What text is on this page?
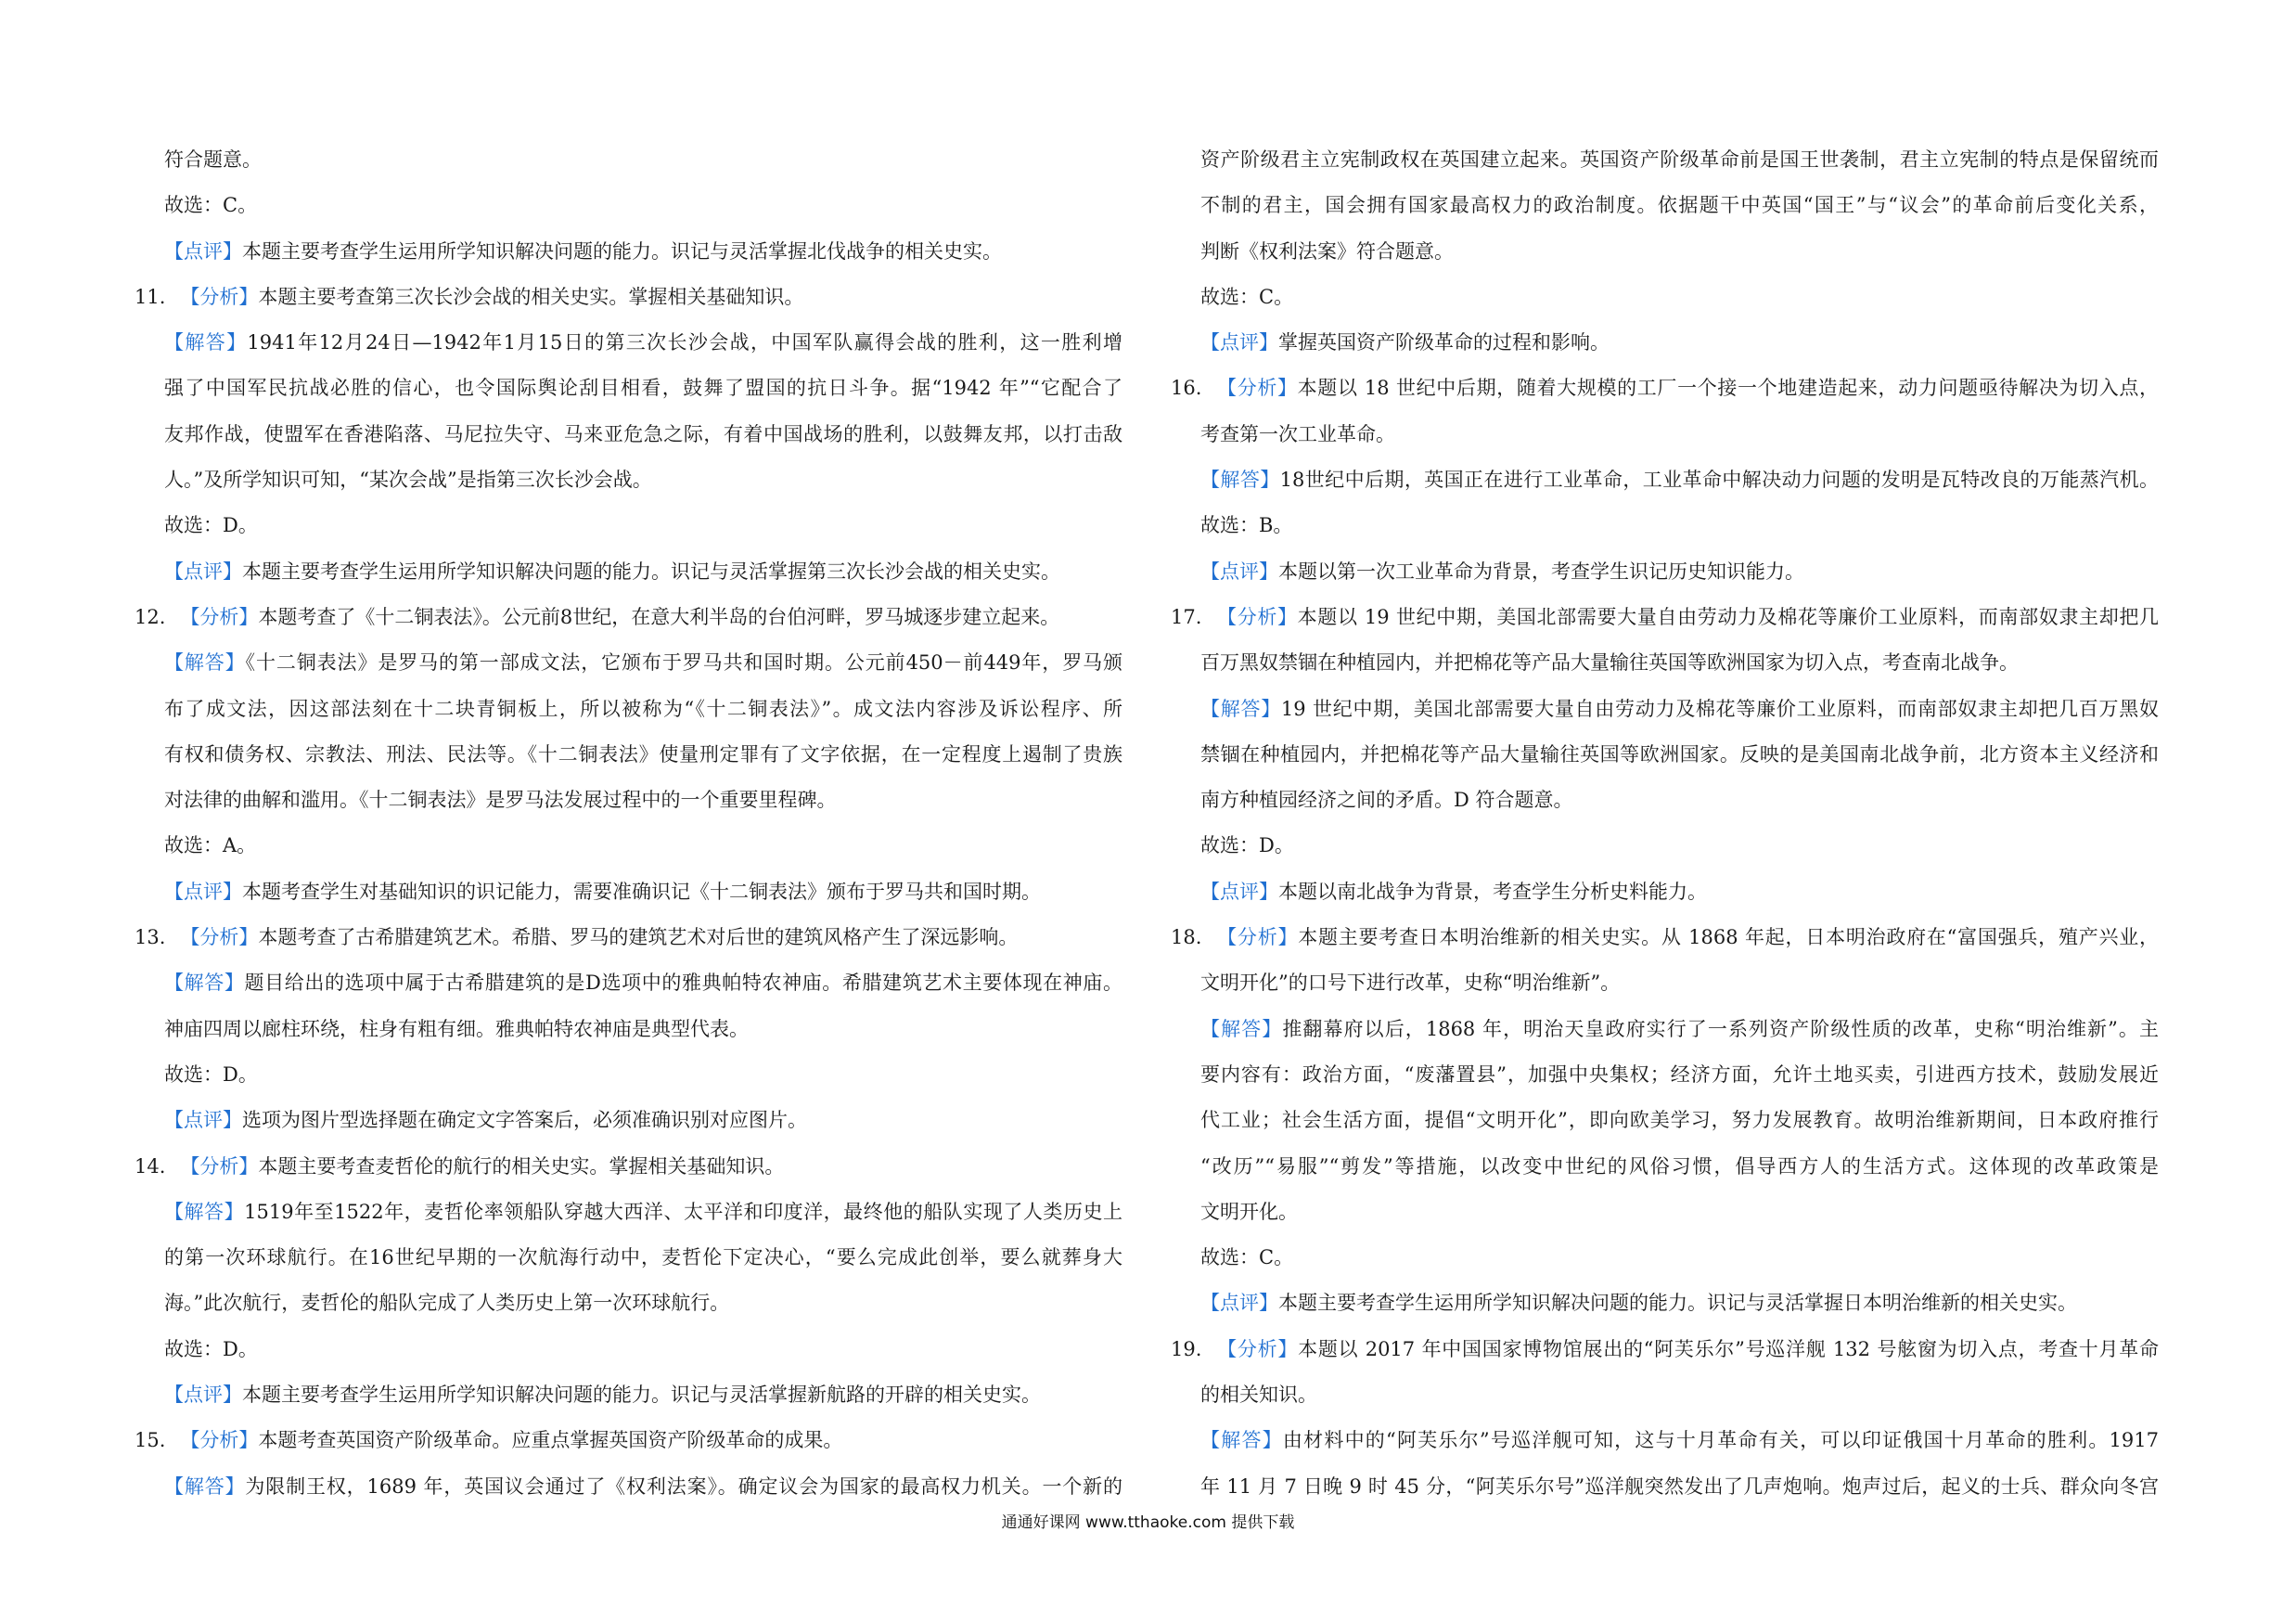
符合题意。
故选：C。
【点评】本题主要考查学生运用所学知识解决问题的能力。识记与灵活掌握北伐战争的相关史实。
11. 【分析】本题主要考查第三次长沙会战的相关史实。掌握相关基础知识。
【解答】1941年12月24日—1942年1月15日的第三次长沙会战，中国军队赢得会战的胜利，这一胜利增
强了中国军民抗战必胜的信心，也令国际舆论刮目相看，鼓舞了盟国的抗日斗争。据“1942 年”“它配合了
友邦作战，使盟军在香港陷落、马尼拉失守、马来亚危急之际，有着中国战场的胜利，以鼓舞友邦，以打击敌
人。”及所学知识可知，“某次会战”是指第三次长沙会战。
故选：D。
【点评】本题主要考查学生运用所学知识解决问题的能力。识记与灵活掌握第三次长沙会战的相关史实。
12. 【分析】本题考查了《十二铜表法》。公元前8世纪，在意大利半岛的台伯河畔，罗马城逐步建立起来。
【解答】《十二铜表法》是罗马的第一部成文法，它颁布于罗马共和国时期。公元前450－前449年，罗马颁
布了成文法，因这部法刻在十二块青铜板上，所以被称为“《十二铜表法》”。成文法内容涉及诉讼程序、所
有权和债务权、宗教法、刑法、民法等。《十二铜表法》使量刑定罪有了文字依据，在一定程度上遏制了贵族
对法律的曲解和滥用。《十二铜表法》是罗马法发展过程中的一个重要里程碑。
故选：A。
【点评】本题考查学生对基础知识的识记能力，需要准确识记《十二铜表法》颁布于罗马共和国时期。
13. 【分析】本题考查了古希腊建筑艺术。希腊、罗马的建筑艺术对后世的建筑风格产生了深远影响。
【解答】题目给出的选项中属于古希腊建筑的是D选项中的雅典帕特农神庙。希腊建筑艺术主要体现在神庙。
神庙四周以廊柱环绕，柱身有粗有细。雅典帕特农神庙是典型代表。
故选：D。
【点评】选项为图片型选择题在确定文字答案后，必须准确识别对应图片。
14. 【分析】本题主要考查麦哲伦的航行的相关史实。掌握相关基础知识。
【解答】1519年至1522年，麦哲伦率领船队穿越大西洋、太平洋和印度洋，最终他的船队实现了人类历史上
的第一次环球航行。在16世纪早期的一次航海行动中，麦哲伦下定决心，“要么完成此创举，要么就葬身大
海。”此次航行，麦哲伦的船队完成了人类历史上第一次环球航行。
故选：D。
【点评】本题主要考查学生运用所学知识解决问题的能力。识记与灵活掌握新航路的开辟的相关史实。
15. 【分析】本题考查英国资产阶级革命。应重点掌握英国资产阶级革命的成果。
【解答】为限制王权，1689 年，英国议会通过了《权利法案》。确定议会为国家的最高权力机关。一个新的
资产阶级君主立宪制政权在英国建立起来。英国资产阶级革命前是国王世袭制，君主立宪制的特点是保留统而
不制的君主，国会拥有国家最高权力的政治制度。依据题干中英国“国王”与“议会”的革命前后变化关系，
判断《权利法案》符合题意。
故选：C。
【点评】掌握英国资产阶级革命的过程和影响。
16. 【分析】本题以 18 世纪中后期，随着大规模的工厂一个接一个地建造起来，动力问题亟待解决为切入点，
考查第一次工业革命。
【解答】18世纪中后期，英国正在进行工业革命，工业革命中解决动力问题的发明是瓦特改良的万能蒸汽机。
故选：B。
【点评】本题以第一次工业革命为背景，考查学生识记历史知识能力。
17. 【分析】本题以 19 世纪中期，美国北部需要大量自由劳动力及棉花等廉价工业原料，而南部奴隶主却把几
百万黑奴禁锢在种植园内，并把棉花等产品大量输往英国等欧洲国家为切入点，考查南北战争。
【解答】19 世纪中期，美国北部需要大量自由劳动力及棉花等廉价工业原料，而南部奴隶主却把几百万黑奴
禁锢在种植园内，并把棉花等产品大量输往英国等欧洲国家。反映的是美国南北战争前，北方资本主义经济和
南方种植园经济之间的矛盾。D 符合题意。
故选：D。
【点评】本题以南北战争为背景，考查学生分析史料能力。
18. 【分析】本题主要考查日本明治维新的相关史实。从 1868 年起，日本明治政府在“富国强兵，殖产兴业，
文明开化”的口号下进行改革，史称“明治维新”。
【解答】推翻幕府以后，1868 年，明治天皇政府实行了一系列资产阶级性质的改革，史称“明治维新”。主
要内容有：政治方面，“废藩置县”，加强中央集权；经济方面，允许土地买卖，引进西方技术，鼓励发展近
代工业；社会生活方面，提倡“文明开化”，即向欧美学习，努力发展教育。故明治维新期间，日本政府推行
“改历”“易服”“剪发”等措施，以改变中世纪的风俗习惯，倡导西方人的生活方式。这体现的改革政策是
文明开化。
故选：C。
【点评】本题主要考查学生运用所学知识解决问题的能力。识记与灵活掌握日本明治维新的相关史实。
19. 【分析】本题以 2017 年中国国家博物馆展出的“阿芙乐尔”号巡洋舰 132 号舷窗为切入点，考查十月革命
的相关知识。
【解答】由材料中的“阿芙乐尔”号巡洋舰可知，这与十月革命有关，可以印证俄国十月革命的胜利。1917
年 11 月 7 日晚 9 时 45 分，“阿芙乐尔号”巡洋舰突然发出了几声炮响。炮声过后，起义的士兵、群众向冬宫
通通好课网 www.tthaoke.com 提供下载
